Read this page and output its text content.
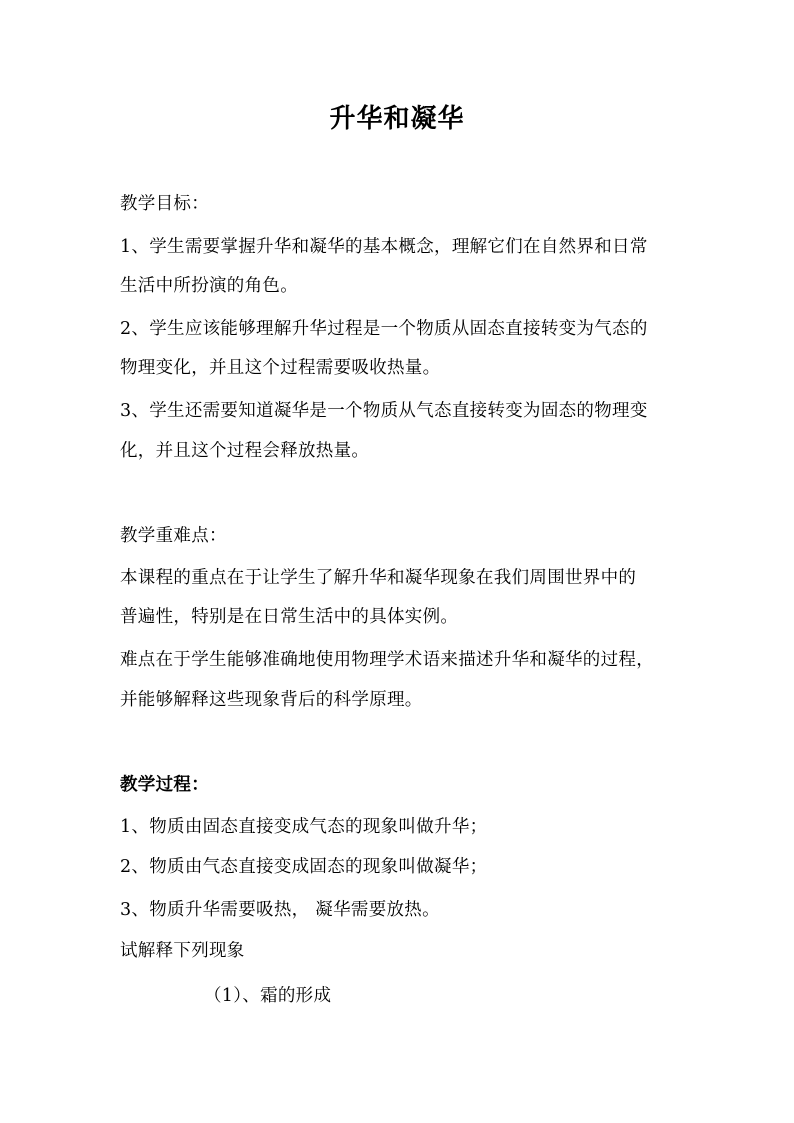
升华和凝华
教学目标：
1、学生需要掌握升华和凝华的基本概念，理解它们在自然界和日常
生活中所扮演的角色。
2、学生应该能够理解升华过程是一个物质从固态直接转变为气态的
物理变化，并且这个过程需要吸收热量。
3、学生还需要知道凝华是一个物质从气态直接转变为固态的物理变
化，并且这个过程会释放热量。
教学重难点：
本课程的重点在于让学生了解升华和凝华现象在我们周围世界中的
普遍性，特别是在日常生活中的具体实例。
难点在于学生能够准确地使用物理学术语来描述升华和凝华的过程，
并能够解释这些现象背后的科学原理。
教学过程：
1、物质由固态直接变成气态的现象叫做升华；
2、物质由气态直接变成固态的现象叫做凝华；
3、物质升华需要吸热， 凝华需要放热。
试解释下列现象
（1）、霜的形成
